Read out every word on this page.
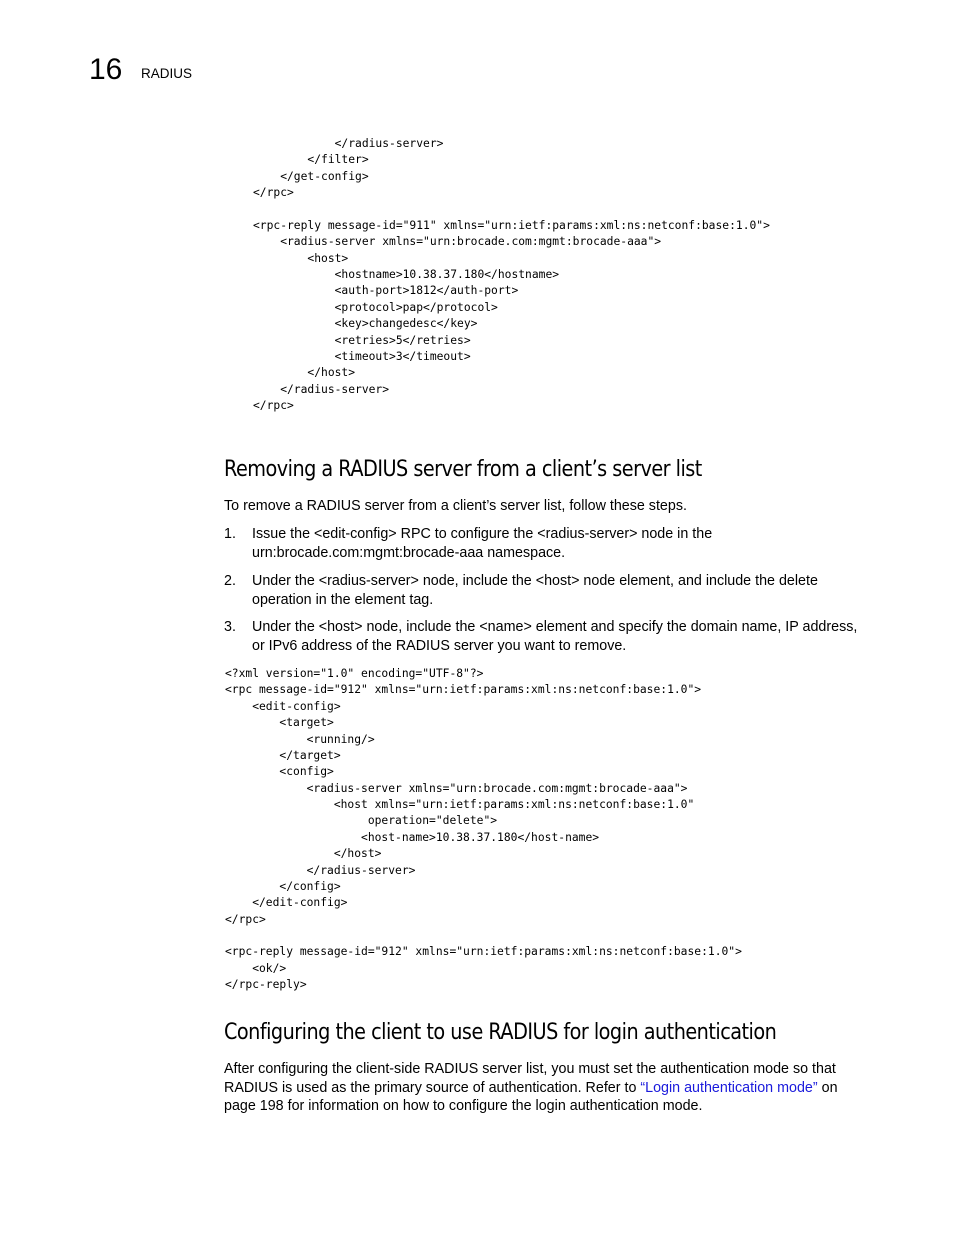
16 RADIUS
</radius-server>
</filter>
</get-config>
</rpc>

<rpc-reply message-id="911" xmlns="urn:ietf:params:xml:ns:netconf:base:1.0">
<radius-server xmlns="urn:brocade.com:mgmt:brocade-aaa">
<host>
<hostname>10.38.37.180</hostname>
<auth-port>1812</auth-port>
<protocol>pap</protocol>
<key>changedesc</key>
<retries>5</retries>
<timeout>3</timeout>
</host>
</radius-server>
</rpc>
Removing a RADIUS server from a client’s server list

To remove a RADIUS server from a client’s server list, follow these steps.

1. Issue the <edit-config> RPC to configure the <radius-server> node in the urn:brocade.com:mgmt:brocade-aaa namespace.
2. Under the <radius-server> node, include the <host> node element, and include the delete operation in the element tag.
3. Under the <host> node, include the <name> element and specify the domain name, IP address, or IPv6 address of the RADIUS server you want to remove.
<?xml version="1.0" encoding="UTF-8"?>
<rpc message-id="912" xmlns="urn:ietf:params:xml:ns:netconf:base:1.0">
<edit-config>
<target>
<running/>
</target>
<config>
<radius-server xmlns="urn:brocade.com:mgmt:brocade-aaa">
<host xmlns="urn:ietf:params:xml:ns:netconf:base:1.0"
operation="delete">
<host-name>10.38.37.180</host-name>
</host>
</radius-server>
</config>
</edit-config>
</rpc>

<rpc-reply message-id="912" xmlns="urn:ietf:params:xml:ns:netconf:base:1.0">
<ok/>
</rpc-reply>
Configuring the client to use RADIUS for login authentication

After configuring the client-side RADIUS server list, you must set the authentication mode so that RADIUS is used as the primary source of authentication. Refer to “Login authentication mode” on page 198 for information on how to configure the login authentication mode.
